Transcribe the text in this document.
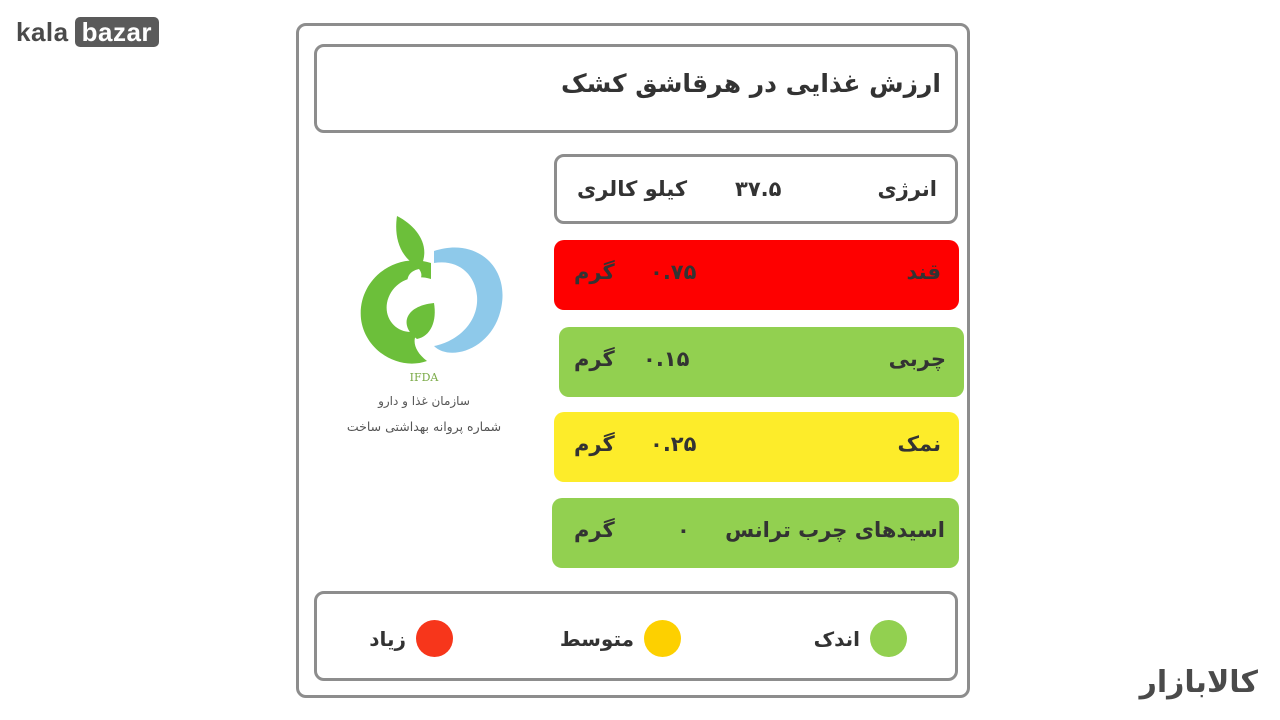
kala bazar
کالابازار
ارزش غذایی در هرقاشق کشک
IFDA
سازمان غذا و دارو
شماره پروانه بهداشتی ساخت
انرژی
۳۷.۵
کیلو کالری
قند
۰.۷۵
گرم
چربی
۰.۱۵
گرم
نمک
۰.۲۵
گرم
اسیدهای چرب ترانس
۰
گرم
اندک
متوسط
زیاد
